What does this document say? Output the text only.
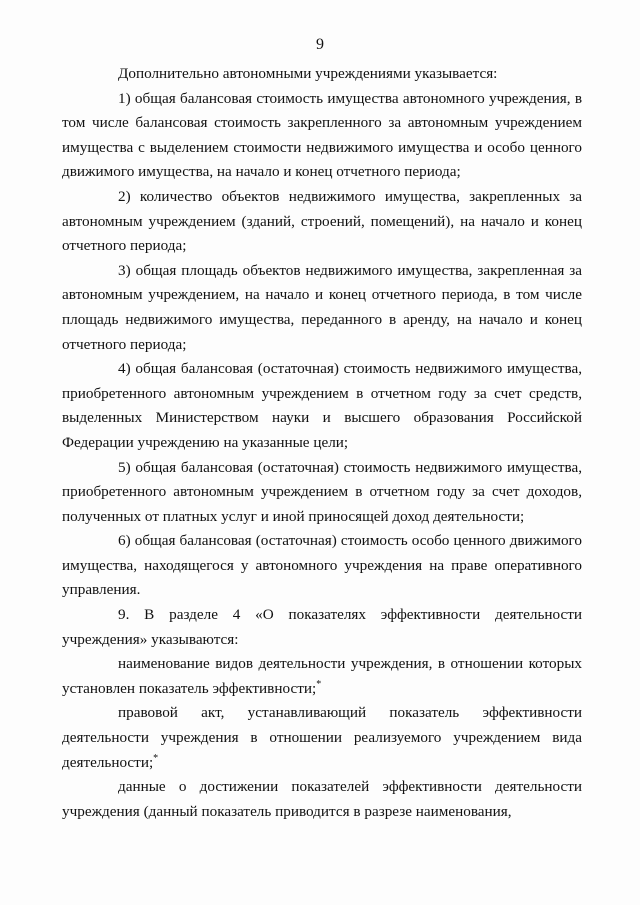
9

Дополнительно автономными учреждениями указывается:

1) общая балансовая стоимость имущества автономного учреждения, в том числе балансовая стоимость закрепленного за автономным учреждением имущества с выделением стоимости недвижимого имущества и особо ценного движимого имущества, на начало и конец отчетного периода;

2) количество объектов недвижимого имущества, закрепленных за автономным учреждением (зданий, строений, помещений), на начало и конец отчетного периода;

3) общая площадь объектов недвижимого имущества, закрепленная за автономным учреждением, на начало и конец отчетного периода, в том числе площадь недвижимого имущества, переданного в аренду, на начало и конец отчетного периода;

4) общая балансовая (остаточная) стоимость недвижимого имущества, приобретенного автономным учреждением в отчетном году за счет средств, выделенных Министерством науки и высшего образования Российской Федерации учреждению на указанные цели;

5) общая балансовая (остаточная) стоимость недвижимого имущества, приобретенного автономным учреждением в отчетном году за счет доходов, полученных от платных услуг и иной приносящей доход деятельности;

6) общая балансовая (остаточная) стоимость особо ценного движимого имущества, находящегося у автономного учреждения на праве оперативного управления.

9. В разделе 4 «О показателях эффективности деятельности учреждения» указываются:

наименование видов деятельности учреждения, в отношении которых установлен показатель эффективности;*

правовой акт, устанавливающий показатель эффективности деятельности учреждения в отношении реализуемого учреждением вида деятельности;*

данные о достижении показателей эффективности деятельности учреждения (данный показатель приводится в разрезе наименования,
